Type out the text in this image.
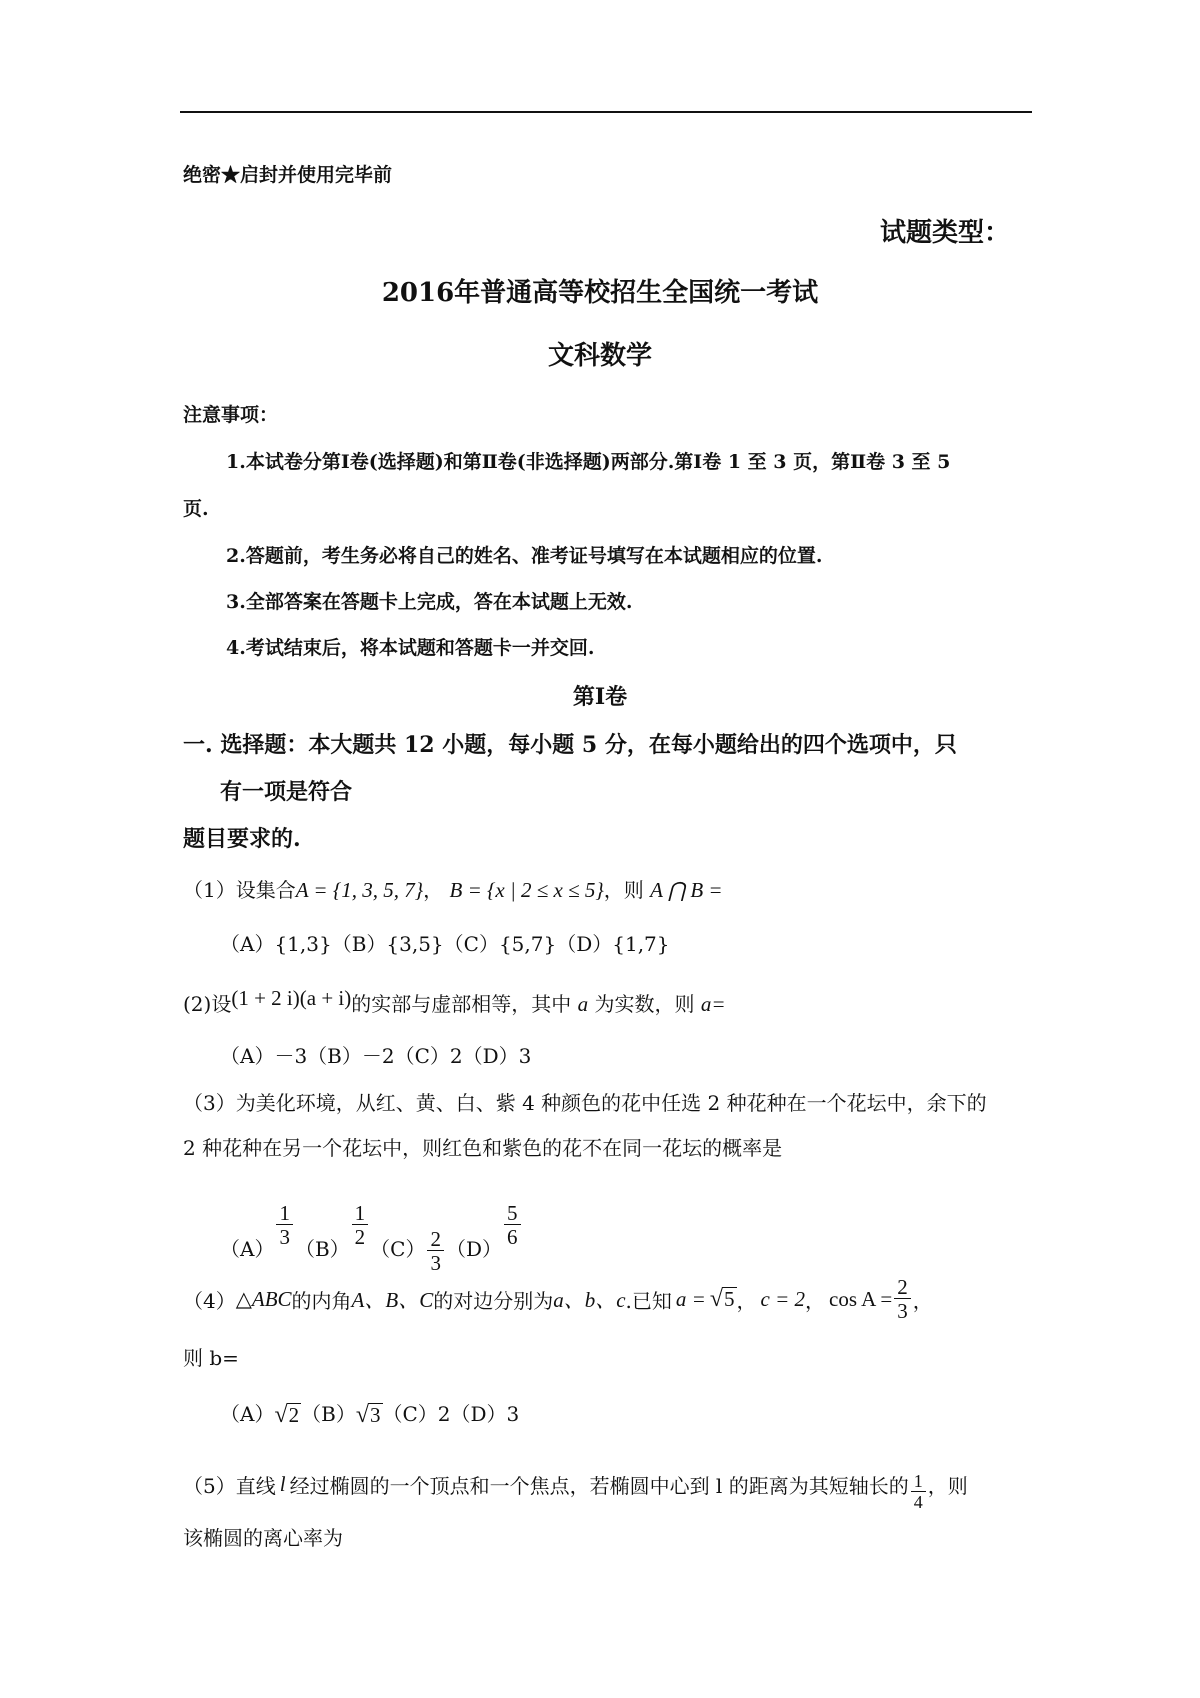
绝密★启封并使用完毕前
试题类型：
2016年普通高等校招生全国统一考试
文科数学
注意事项：
1.本试卷分第Ⅰ卷(选择题)和第Ⅱ卷(非选择题)两部分.第Ⅰ卷 1 至 3 页，第Ⅱ卷 3 至 5
页.
2.答题前，考生务必将自己的姓名、准考证号填写在本试题相应的位置.
3.全部答案在答题卡上完成，答在本试题上无效.
4.考试结束后，将本试题和答题卡一并交回.
第Ⅰ卷
一. 选择题：本大题共 12 小题，每小题 5 分，在每小题给出的四个选项中，只
有一项是符合
题目要求的.
（1）设集合A = {1, 3, 5, 7}， B = {x | 2 ≤ x ≤ 5}，则 A ⋂ B =
（A）{1,3}（B）{3,5}（C）{5,7}（D）{1,7}
(2)设(1 + 2 i)(a + i)的实部与虚部相等，其中 a 为实数，则 a=
（A）－3（B）－2（C）2（D）3
（3）为美化环境，从红、黄、白、紫 4 种颜色的花中任选 2 种花种在一个花坛中，余下的
2 种花种在另一个花坛中，则红色和紫色的花不在同一花坛的概率是
（A）
$\frac{1}{3}$
（B）
$\frac{1}{2}$
$(C) \frac{2}{3} (D)$
$\frac{5}{6}$
（4） △ABC 的内角 A、B、C 的对边分别为 a、b、c .已知 a = √ 5 ， c = 2 ， $\cos A = \frac{2}{3}$ ，
则 b=
（A） √ 2 （B） √ 3 （C）2（D）3
（5）直线 l 经过椭圆的一个顶点和一个焦点，若椭圆中心到 l 的距离为其短轴长的 $\frac{1}{4}$ ，则
该椭圆的离心率为
